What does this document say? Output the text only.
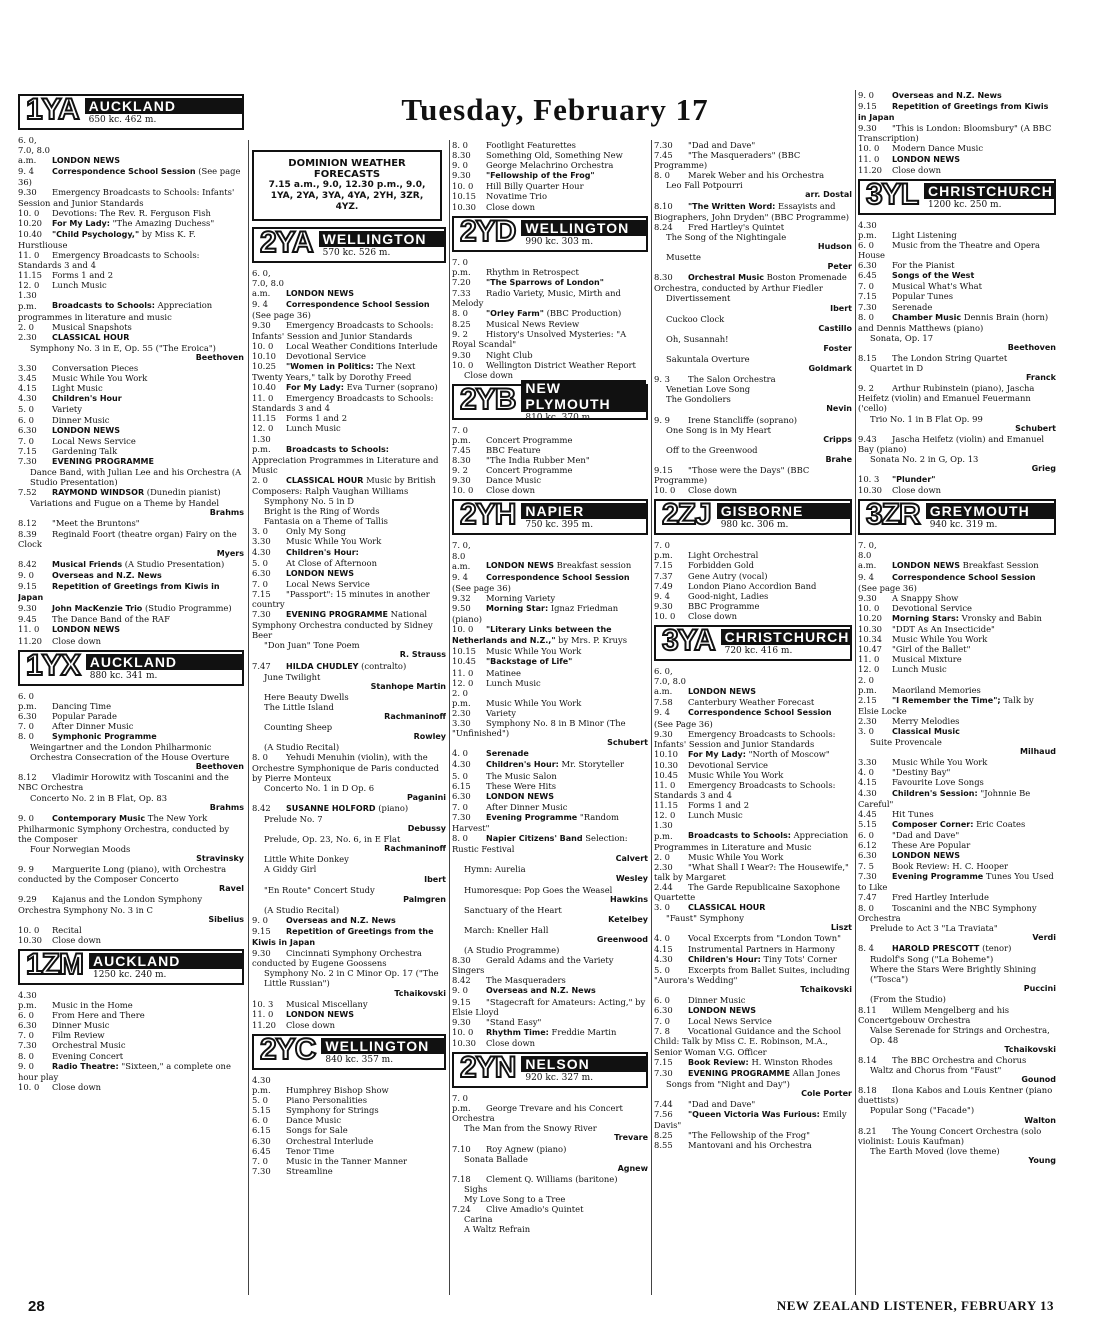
Tuesday, February 17
1YA AUCKLAND
650 kc. 462 m.
6. 0, 7.0, 8.0 a.m. LONDON NEWS
9. 4 Correspondence School Session (See page 36)
9.30 Emergency Broadcasts to Schools: Infants' Session and Junior Standards
10. 0 Devotions: The Rev. R. Ferguson Fish
10.20 For My Lady: "The Amazing Duchess"
10.40 "Child Psychology," by Miss K. F. Hurstliouse
11. 0 Emergency Broadcasts to Schools: Standards 3 and 4
11.15 Forms 1 and 2
12. 0 Lunch Music
1.30 p.m. Broadcasts to Schools: Appreciation programmes in literature and music
2. 0 Musical Snapshots
2.30 CLASSICAL HOUR
Symphony No. 3 in E, Op. 55 ("The Eroica")
Beethoven
3.30 Conversation Pieces
3.45 Music While You Work
4.15 Light Music
4.30 Children's Hour
5. 0 Variety
6. 0 Dinner Music
6.30 LONDON NEWS
7. 0 Local News Service
7.15 Gardening Talk
7.30 EVENING PROGRAMME
Dance Band, with Julian Lee and his Orchestra (A Studio Presentation)
7.52 RAYMOND WINDSOR (Dunedin pianist)
Variations and Fugue on a Theme by Handel
Brahms
8.12 "Meet the Bruntons"
8.39 Reginald Foort (theatre organ) Fairy on the Clock
Myers
8.42 Musical Friends (A Studio Presentation)
9. 0 Overseas and N.Z. News
9.15 Repetition of Greetings from Kiwis in Japan
9.30 John MacKenzie Trio (Studio Programme)
9.45 The Dance Band of the RAF
11. 0 LONDON NEWS
11.20 Close down
1YX AUCKLAND
880 kc. 341 m.
6. 0 p.m. Dancing Time
6.30 Popular Parade
7. 0 After Dinner Music
8. 0 Symphonic Programme
Weingartner and the London Philharmonic Orchestra Consecration of the House Overture
Beethoven
8.12 Vladimir Horowitz with Toscanini and the NBC Orchestra
Concerto No. 2 in B Flat, Op. 83
Brahms
9. 0 Contemporary Music The New York Philharmonic Symphony Orchestra, conducted by the Composer
Four Norwegian Moods
Stravinsky
9. 9 Marguerite Long (piano), with Orchestra conducted by the Composer Concerto
Ravel
9.29 Kajanus and the London Symphony Orchestra Symphony No. 3 in C
Sibelius
10. 0 Recital
10.30 Close down
1ZM AUCKLAND
1250 kc. 240 m.
4.30 p.m. Music in the Home
6. 0 From Here and There
6.30 Dinner Music
7. 0 Film Review
7.30 Orchestral Music
8. 0 Evening Concert
9. 0 Radio Theatre: "Sixteen," a complete one hour play
10. 0 Close down
DOMINION WEATHER FORECASTS
7.15 a.m., 9.0, 12.30 p.m., 9.0, 1YA, 2YA, 3YA, 4YA, 2YH, 3ZR, 4YZ.
2YA WELLINGTON
570 kc. 526 m.
6. 0, 7.0, 8.0 a.m. LONDON NEWS
9. 4 Correspondence School Session (See page 36)
9.30 Emergency Broadcasts to Schools: Infants' Session and Junior Standards
10. 0 Local Weather Conditions Interlude
10.10 Devotional Service
10.25 "Women in Politics: The Next Twenty Years," talk by Dorothy Freed
10.40 For My Lady: Eva Turner (soprano)
11. 0 Emergency Broadcasts to Schools: Standards 3 and 4
11.15 Forms 1 and 2
12. 0 Lunch Music
1.30 p.m. Broadcasts to Schools: Appreciation Programmes in Literature and Music
2. 0 CLASSICAL HOUR Music by British Composers: Ralph Vaughan Williams
Symphony No. 5 in D
Bright is the Ring of Words
Fantasia on a Theme of Tallis
3. 0 Only My Song
3.30 Music While You Work
4.30 Children's Hour:
5. 0 At Close of Afternoon
6.30 LONDON NEWS
7. 0 Local News Service
7.15 "Passport": 15 minutes in another country
7.30 EVENING PROGRAMME National Symphony Orchestra conducted by Sidney Beer
"Don Juan" Tone Poem
R. Strauss
7.47 HILDA CHUDLEY (contralto)
June Twilight
Stanhope Martin
Here Beauty Dwells
The Little Island
Rachmaninoff
Counting Sheep
Rowley
(A Studio Recital)
8. 0 Yehudi Menuhin (violin), with the Orchestre Symphonique de Paris conducted by Pierre Monteux
Concerto No. 1 in D Op. 6
Paganini
8.42 SUSANNE HOLFORD (piano)
Prelude No. 7
Debussy
Prelude, Op. 23, No. 6, in E Flat
Rachmaninoff
Little White Donkey
A Giddy Girl
Ibert
"En Route" Concert Study
Palmgren
(A Studio Recital)
9. 0 Overseas and N.Z. News
9.15 Repetition of Greetings from the Kiwis in Japan
9.30 Cincinnati Symphony Orchestra conducted by Eugene Goossens
Symphony No. 2 in C Minor Op. 17 ("The Little Russian")
Tchaikovski
10. 3 Musical Miscellany
11. 0 LONDON NEWS
11.20 Close down
2YC WELLINGTON
840 kc. 357 m.
4.30 p.m. Humphrey Bishop Show
5. 0 Piano Personalities
5.15 Symphony for Strings
6. 0 Dance Music
6.15 Songs for Sale
6.30 Orchestral Interlude
6.45 Tenor Time
7. 0 Music in the Tanner Manner
7.30 Streamline
8. 0 Footlight Featurettes
8.30 Something Old, Something New
9. 0 George Melachrino Orchestra
9.30 "Fellowship of the Frog"
10. 0 Hill Billy Quarter Hour
10.15 Novatime Trio
10.30 Close down
2YD WELLINGTON
990 kc. 303 m.
7. 0 p.m. Rhythm in Retrospect
7.20 "The Sparrows of London"
7.33 Radio Variety, Music, Mirth and Melody
8. 0 "Orley Farm" (BBC Production)
8.25 Musical News Review
9. 2 History's Unsolved Mysteries: "A Royal Scandal"
9.30 Night Club
10. 0 Wellington District Weather Report
Close down
2YB NEW PLYMOUTH
810 kc. 370 m.
7. 0 p.m. Concert Programme
7.45 BBC Feature
8.30 "The India Rubber Men"
9. 2 Concert Programme
9.30 Dance Music
10. 0 Close down
2YH NAPIER
750 kc. 395 m.
7. 0, 8.0 a.m. LONDON NEWS Breakfast session
9. 4 Correspondence School Session (See page 36)
9.32 Morning Variety
9.50 Morning Star: Ignaz Friedman (piano)
10. 0 "Literary Links between the Netherlands and N.Z.," by Mrs. P. Kruys
10.15 Music While You Work
10.45 "Backstage of Life"
11. 0 Matinee
12. 0 Lunch Music
2. 0 p.m. Music While You Work
2.30 Variety
3.30 Symphony No. 8 in B Minor (The "Unfinished")
Schubert
4. 0 Serenade
4.30 Children's Hour: Mr. Storyteller
5. 0 The Music Salon
6.15 These Were Hits
6.30 LONDON NEWS
7. 0 After Dinner Music
7.30 Evening Programme "Random Harvest"
8. 0 Napier Citizens' Band Selection: Rustic Festival
Calvert
Hymn: Aurelia
Wesley
Humoresque: Pop Goes the Weasel
Hawkins
Sanctuary of the Heart
Ketelbey
March: Kneller Hall
Greenwood
(A Studio Programme)
8.30 Gerald Adams and the Variety Singers
8.42 The Masqueraders
9. 0 Overseas and N.Z. News
9.15 "Stagecraft for Amateurs: Acting," by Elsie Lloyd
9.30 "Stand Easy"
10. 0 Rhythm Time: Freddie Martin
10.30 Close down
2YN NELSON
920 kc. 327 m.
7. 0 p.m. George Trevare and his Concert Orchestra
The Man from the Snowy River
Trevare
7.10 Roy Agnew (piano)
Sonata Ballade
Agnew
7.18 Clement Q. Williams (baritone)
Sighs
My Love Song to a Tree
7.24 Clive Amadio's Quintet
Carina
A Waltz Refrain
7.30 "Dad and Dave"
7.45 "The Masqueraders" (BBC Programme)
8. 0 Marek Weber and his Orchestra
Leo Fall Potpourri
arr. Dostal
8.10 "The Written Word: Essayists and Biographers, John Dryden" (BBC Programme)
8.24 Fred Hartley's Quintet
The Song of the Nightingale
Hudson
Musette
Peter
8.30 Orchestral Music Boston Promenade Orchestra, conducted by Arthur Fiedler
Divertissement
Ibert
Cuckoo Clock
Castillo
Oh, Susannah!
Foster
Sakuntala Overture
Goldmark
9. 3 The Salon Orchestra
Venetian Love Song
The Gondoliers
Nevin
9. 9 Irene Stancliffe (soprano)
One Song is in My Heart
Cripps
Off to the Greenwood
Brahe
9.15 "Those were the Days" (BBC Programme)
10. 0 Close down
2ZJ GISBORNE
980 kc. 306 m.
7. 0 p.m. Light Orchestral
7.15 Forbidden Gold
7.37 Gene Autry (vocal)
7.49 London Piano Accordion Band
9. 4 Good-night, Ladies
9.30 BBC Programme
10. 0 Close down
3YA CHRISTCHURCH
720 kc. 416 m.
6. 0, 7.0, 8.0 a.m. LONDON NEWS
7.58 Canterbury Weather Forecast
9. 4 Correspondence School Session (See Page 36)
9.30 Emergency Broadcasts to Schools: Infants' Session and Junior Standards
10.10 For My Lady: "North of Moscow"
10.30 Devotional Service
10.45 Music While You Work
11. 0 Emergency Broadcasts to Schools: Standards 3 and 4
11.15 Forms 1 and 2
12. 0 Lunch Music
1.30 p.m. Broadcasts to Schools: Appreciation Programmes in Literature and Music
2. 0 Music While You Work
2.30 "What Shall I Wear?: The Housewife," talk by Margaret
2.44 The Garde Republicaine Saxophone Quartette
3. 0 CLASSICAL HOUR
"Faust" Symphony
Liszt
4. 0 Vocal Excerpts from "London Town"
4.15 Instrumental Partners in Harmony
4.30 Children's Hour: Tiny Tots' Corner
5. 0 Excerpts from Ballet Suites, including "Aurora's Wedding"
Tchaikovski
6. 0 Dinner Music
6.30 LONDON NEWS
7. 0 Local News Service
7. 8 Vocational Guidance and the School Child: Talk by Miss C. E. Robinson, M.A., Senior Woman V.G. Officer
7.15 Book Review: H. Winston Rhodes
7.30 EVENING PROGRAMME Allan Jones
Songs from "Night and Day")
Cole Porter
7.44 "Dad and Dave"
7.56 "Queen Victoria Was Furious: Emily Davis"
8.25 "The Fellowship of the Frog"
8.55 Mantovani and his Orchestra
9. 0 Overseas and N.Z. News
9.15 Repetition of Greetings from Kiwis in Japan
9.30 "This is London: Bloomsbury" (A BBC Transcription)
10. 0 Modern Dance Music
11. 0 LONDON NEWS
11.20 Close down
3YL CHRISTCHURCH
1200 kc. 250 m.
4.30 p.m. Light Listening
6. 0 Music from the Theatre and Opera House
6.30 For the Pianist
6.45 Songs of the West
7. 0 Musical What's What
7.15 Popular Tunes
7.30 Serenade
8. 0 Chamber Music Dennis Brain (horn) and Dennis Matthews (piano)
Sonata, Op. 17
Beethoven
8.15 The London String Quartet
Quartet in D
Franck
9. 2 Arthur Rubinstein (piano), Jascha Heifetz (violin) and Emanuel Feuermann ('cello)
Trio No. 1 in B Flat Op. 99
Schubert
9.43 Jascha Heifetz (violin) and Emanuel Bay (piano)
Sonata No. 2 in G, Op. 13
Grieg
10. 3 "Plunder"
10.30 Close down
3ZR GREYMOUTH
940 kc. 319 m.
7. 0, 8.0 a.m. LONDON NEWS Breakfast Session
9. 4 Correspondence School Session (See page 36)
9.30 A Snappy Show
10. 0 Devotional Service
10.20 Morning Stars: Vronsky and Babin
10.30 "DDT As An Insecticide"
10.34 Music While You Work
10.47 "Girl of the Ballet"
11. 0 Musical Mixture
12. 0 Lunch Music
2. 0 p.m. Maoriland Memories
2.15 "I Remember the Time"; Talk by Elsie Locke
2.30 Merry Melodies
3. 0 Classical Music
Suite Provencale
Milhaud
3.30 Music While You Work
4. 0 "Destiny Bay"
4.15 Favourite Love Songs
4.30 Children's Session: "Johnnie Be Careful"
4.45 Hit Tunes
5.15 Composer Corner: Eric Coates
6. 0 "Dad and Dave"
6.12 These Are Popular
6.30 LONDON NEWS
7. 5 Book Review: H. C. Hooper
7.30 Evening Programme Tunes You Used to Like
7.47 Fred Hartley Interlude
8. 0 Toscanini and the NBC Symphony Orchestra
Prelude to Act 3 "La Traviata"
Verdi
8. 4 HAROLD PRESCOTT (tenor)
Rudolf's Song ("La Boheme")
Where the Stars Were Brightly Shining ("Tosca")
Puccini
(From the Studio)
8.11 Willem Mengelberg and his Concertgebouw Orchestra
Valse Serenade for Strings and Orchestra, Op. 48
Tchaikovski
8.14 The BBC Orchestra and Chorus
Waltz and Chorus from "Faust"
Gounod
8.18 Ilona Kabos and Louis Kentner (piano duettists)
Popular Song ("Facade")
Walton
8.21 The Young Concert Orchestra (solo violinist: Louis Kaufman)
The Earth Moved (love theme)
Young
28	NEW ZEALAND LISTENER, FEBRUARY 13
